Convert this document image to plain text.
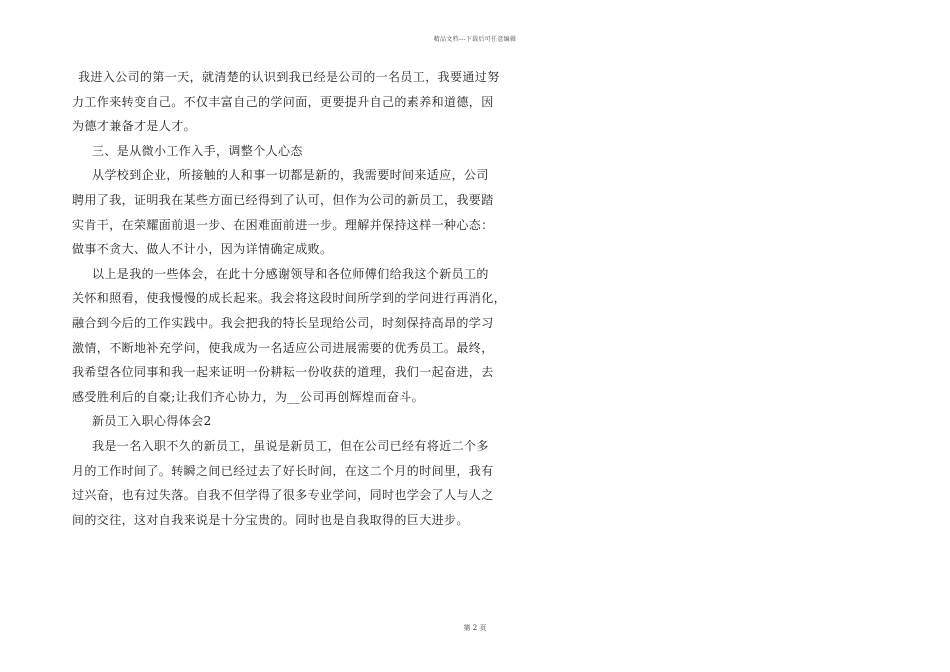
精品文档---下载后可任意编辑
我进入公司的第一天，就清楚的认识到我已经是公司的一名员工，我要通过努
力工作来转变自己。不仅丰富自己的学问面，更要提升自己的素养和道德，因
为德才兼备才是人才。
三、是从微小工作入手，调整个人心态
从学校到企业，所接触的人和事一切都是新的，我需要时间来适应，公司
聘用了我，证明我在某些方面已经得到了认可，但作为公司的新员工，我要踏
实肯干，在荣耀面前退一步、在困难面前进一步。理解并保持这样一种心态：
做事不贪大、做人不计小，因为详情确定成败。
以上是我的一些体会，在此十分感谢领导和各位师傅们给我这个新员工的
关怀和照看，使我慢慢的成长起来。我会将这段时间所学到的学问进行再消化，
融合到今后的工作实践中。我会把我的特长呈现给公司，时刻保持高昂的学习
激情，不断地补充学问，使我成为一名适应公司进展需要的优秀员工。最终，
我希望各位同事和我一起来证明一份耕耘一份收获的道理，我们一起奋进，去
感受胜利后的自豪;让我们齐心协力，为__公司再创辉煌而奋斗。
新员工入职心得体会2
我是一名入职不久的新员工，虽说是新员工，但在公司已经有将近二个多
月的工作时间了。转瞬之间已经过去了好长时间，在这二个月的时间里，我有
过兴奋，也有过失落。自我不但学得了很多专业学问，同时也学会了人与人之
间的交往，这对自我来说是十分宝贵的。同时也是自我取得的巨大进步。
第 2 页
